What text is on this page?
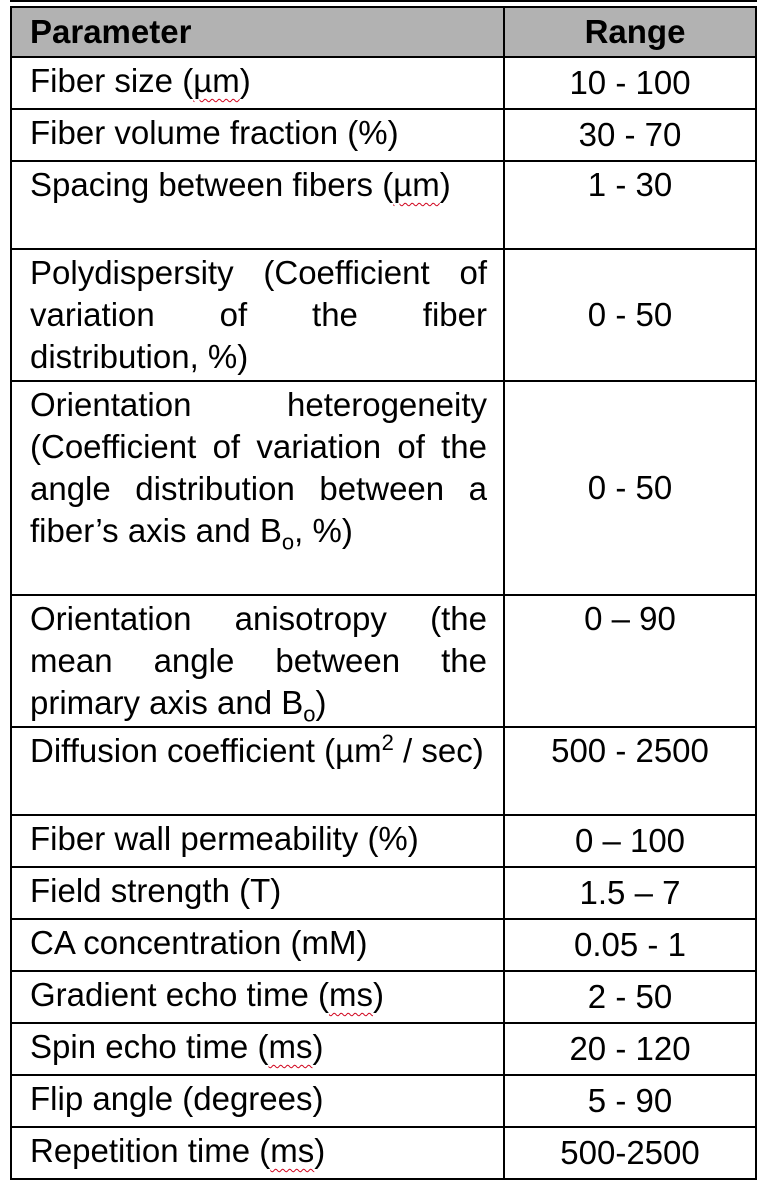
Parameter	Range
Fiber size (µm)	10 - 100
Fiber volume fraction (%)	30 - 70
Spacing between fibers (µm)	1 - 30
Polydispersity (Coefficient of variation of the fiber distribution, %)	0 - 50
Orientation heterogeneity (Coefficient of variation of the angle distribution between a fiber’s axis and $B_o$, %)	0 - 50
Orientation anisotropy (the mean angle between the primary axis and $B_o$)	0 – 90
Diffusion coefficient (µm$^2$ / sec)	500 - 2500
Fiber wall permeability (%)	0 – 100
Field strength (T)	1.5 – 7
CA concentration (mM)	0.05 - 1
Gradient echo time (ms)	2 - 50
Spin echo time (ms)	20 - 120
Flip angle (degrees)	5 - 90
Repetition time (ms)	500-2500
